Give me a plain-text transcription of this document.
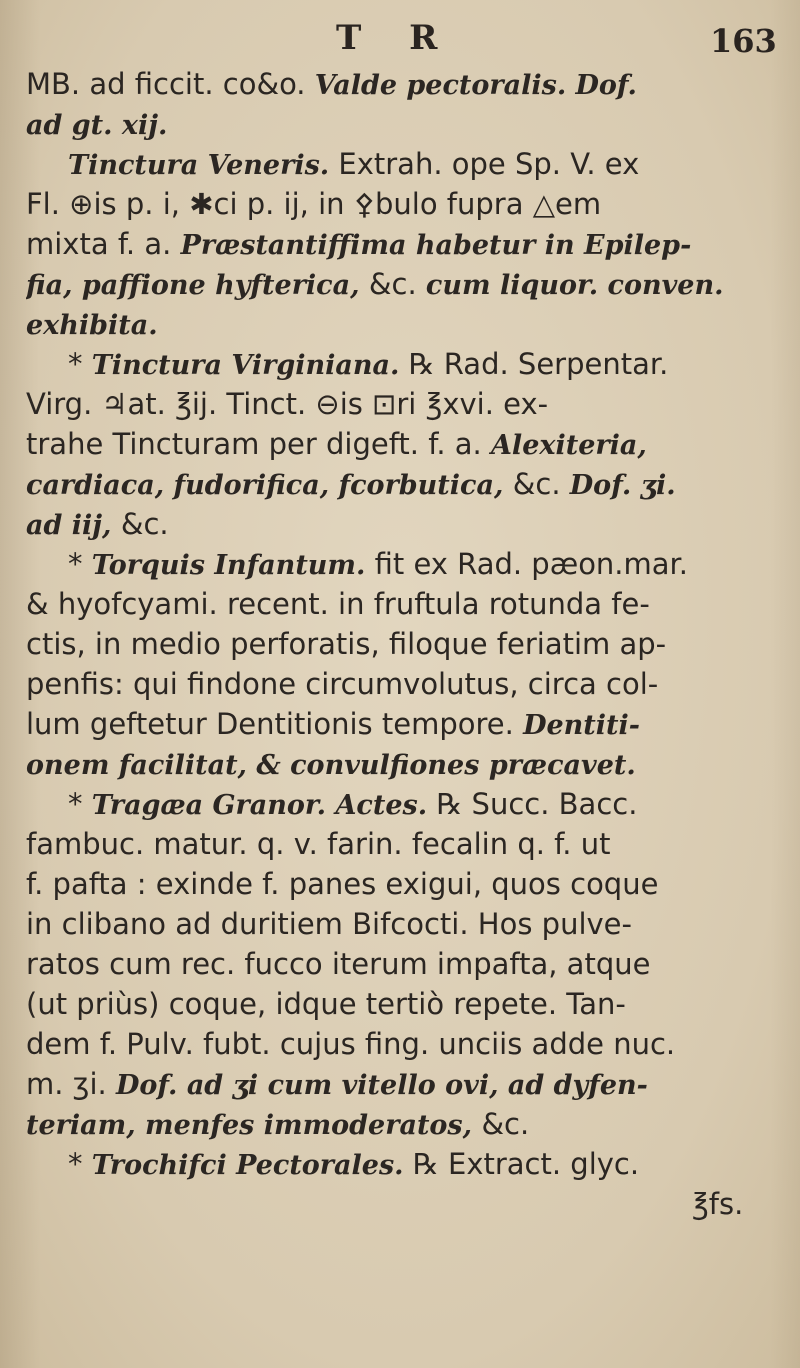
T R	163
MB. ad ficcit. co&o. Valde pectoralis. Dof.
ad gt. xij.
Tinctura Veneris. Extrah. ope Sp. V. ex
Fl. ⊕is p. i, ✱ci p. ij, in ⚴bulo fupra △em
mixta f. a. Præstantiffima habetur in Epilep-
fia, paffione hyfterica, &c. cum liquor. conven.
exhibita.
* Tinctura Virginiana. ℞ Rad. Serpentar.
Virg. ♃at. ℥ij. Tinct. ⊖is ⊡ri ℥xvi. ex-
trahe Tincturam per digeft. f. a. Alexiteria,
cardiaca, fudorifica, fcorbutica, &c. Dof. ʒi.
ad iij, &c.
* Torquis Infantum. fit ex Rad. pæon.mar.
& hyofcyami. recent. in fruftula rotunda fe-
ctis, in medio perforatis, filoque feriatim ap-
penfis: qui findone circumvolutus, circa col-
lum geftetur Dentitionis tempore. Dentiti-
onem facilitat, & convulfiones præcavet.
* Tragæa Granor. Actes. ℞ Succ. Bacc.
fambuc. matur. q. v. farin. fecalin q. f. ut
f. pafta : exinde f. panes exigui, quos coque
in clibano ad duritiem Bifcocti. Hos pulve-
ratos cum rec. fucco iterum impafta, atque
(ut priùs) coque, idque tertiò repete. Tan-
dem f. Pulv. fubt. cujus fing. unciis adde nuc.
m. ʒi. Dof. ad ʒi cum vitello ovi, ad dyfen-
teriam, menfes immoderatos, &c.
* Trochifci Pectorales. ℞ Extract. glyc.
℥fs.
